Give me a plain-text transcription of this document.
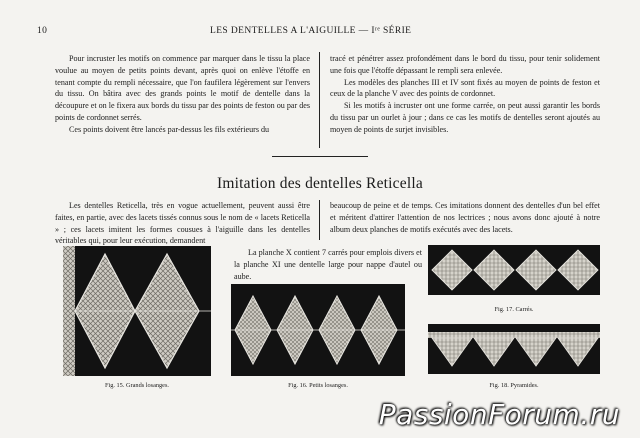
10	LES DENTELLES A L'AIGUILLE — Iʳᵉ SÉRIE

Pour incruster les motifs on commence par marquer dans le tissu la place voulue au moyen de petits points devant, après quoi on enlève l'étoffe en tenant compte du rempli nécessaire, que l'on faufilera légèrement sur l'envers du tissu. On bâtira avec des grands points le motif de dentelle dans la découpure et on le fixera aux bords du tissu par des points de feston ou par des points de cordonnet serrés.

Ces points doivent être lancés par-dessus les fils extérieurs du

tracé et pénétrer assez profondément dans le bord du tissu, pour tenir solidement une fois que l'étoffe dépassant le rempli sera enlevée.

Les modèles des planches III et IV sont fixés au moyen de points de feston et ceux de la planche V avec des points de cordonnet.

Si les motifs à incruster ont une forme carrée, on peut aussi garantir les bords du tissu par un ourlet à jour ; dans ce cas les motifs de dentelles seront ajoutés au moyen de points de surjet invisibles.

Imitation des dentelles Reticella

Les dentelles Reticella, très en vogue actuellement, peuvent aussi être faites, en partie, avec des lacets tissés connus sous le nom de « lacets Reticella » ; ces lacets imitent les formes cousues à l'aiguille dans les dentelles véritables qui, pour leur exécution, demandent

beaucoup de peine et de temps. Ces imitations donnent des dentelles d'un bel effet et méritent d'attirer l'attention de nos lectrices ; nous avons donc ajouté à notre album deux planches de motifs exécutés avec des lacets.

La planche X contient 7 carrés pour emplois divers et la planche XI une dentelle large pour nappe d'autel ou aube.

Fig. 15. Grands losanges.	Fig. 16. Petits losanges.
Fig. 17. Carrés.
Fig. 18. Pyramides.
PassionForum.ru
